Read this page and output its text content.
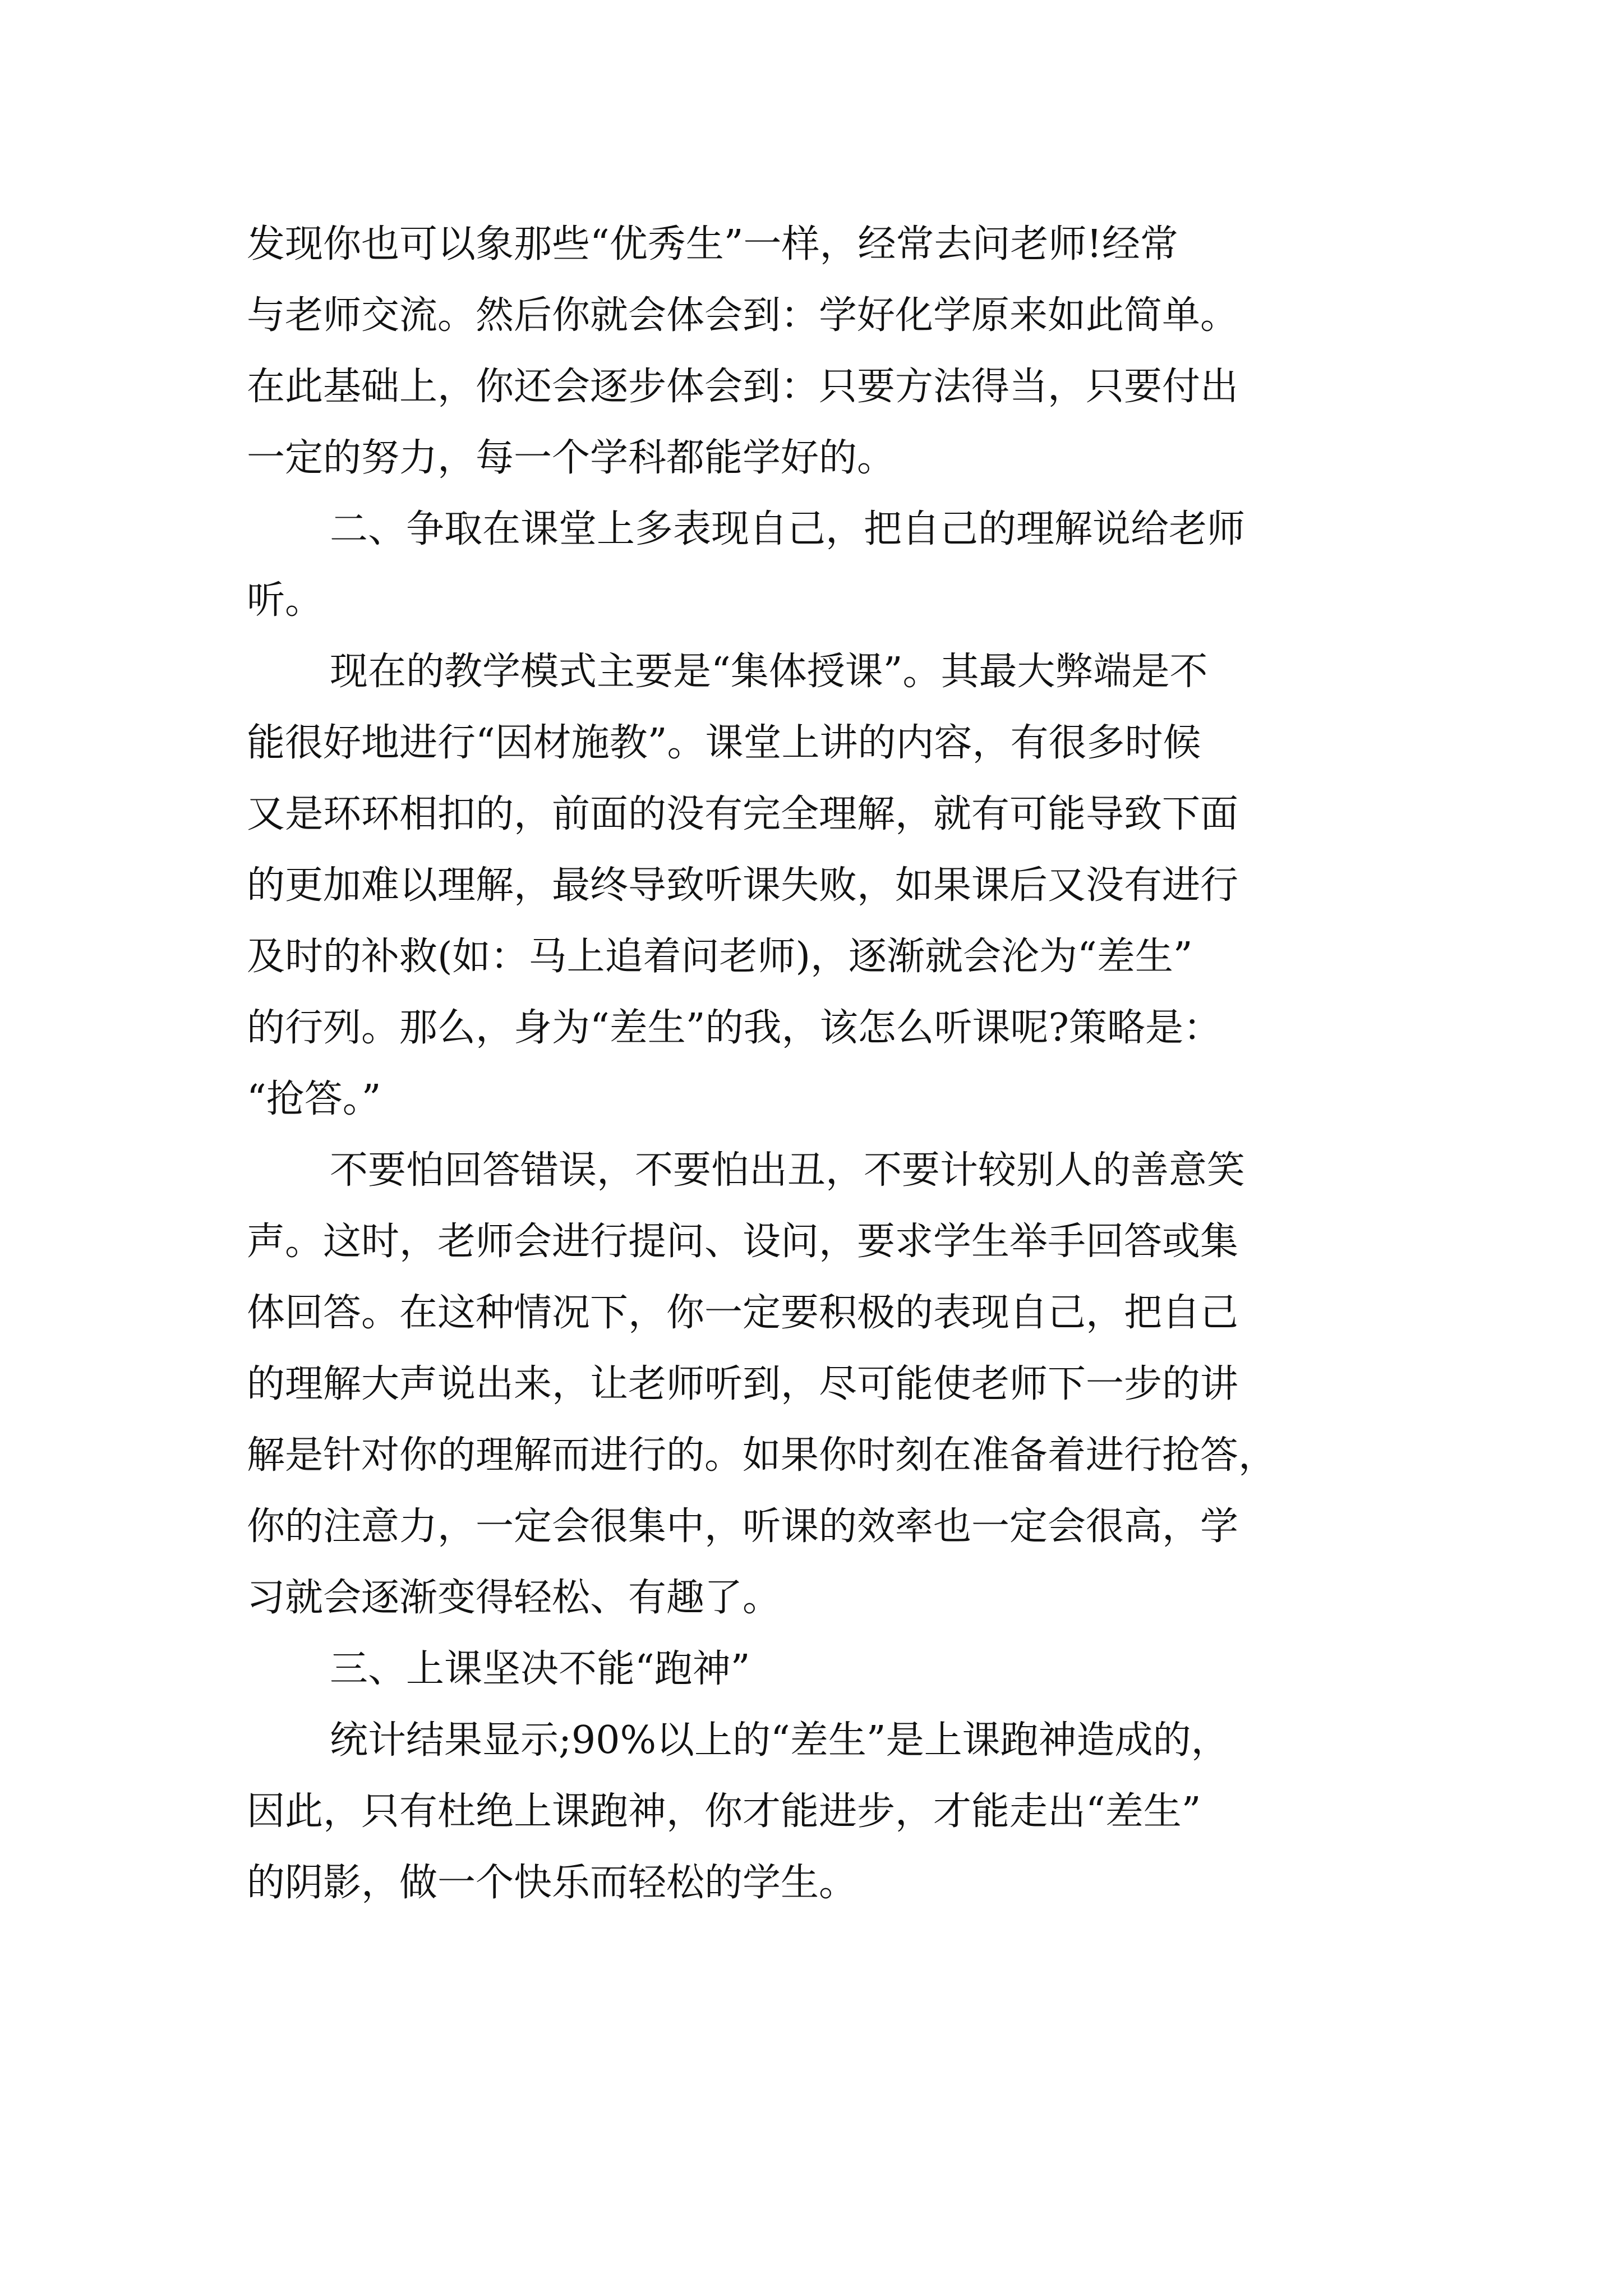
发现你也可以象那些“优秀生”一样，经常去问老师!经常
与老师交流。然后你就会体会到：学好化学原来如此简单。
在此基础上，你还会逐步体会到：只要方法得当，只要付出
一定的努力，每一个学科都能学好的。
二、争取在课堂上多表现自己，把自己的理解说给老师
听。
现在的教学模式主要是“集体授课”。其最大弊端是不
能很好地进行“因材施教”。课堂上讲的内容，有很多时候
又是环环相扣的，前面的没有完全理解，就有可能导致下面
的更加难以理解，最终导致听课失败，如果课后又没有进行
及时的补救(如：马上追着问老师)，逐渐就会沦为“差生”
的行列。那么，身为“差生”的我，该怎么听课呢?策略是：
“抢答。”
不要怕回答错误，不要怕出丑，不要计较别人的善意笑
声。这时，老师会进行提问、设问，要求学生举手回答或集
体回答。在这种情况下，你一定要积极的表现自己，把自己
的理解大声说出来，让老师听到，尽可能使老师下一步的讲
解是针对你的理解而进行的。如果你时刻在准备着进行抢答，
你的注意力，一定会很集中，听课的效率也一定会很高，学
习就会逐渐变得轻松、有趣了。
三、上课坚决不能“跑神”
统计结果显示;90%以上的“差生”是上课跑神造成的，
因此，只有杜绝上课跑神，你才能进步，才能走出“差生”
的阴影，做一个快乐而轻松的学生。
